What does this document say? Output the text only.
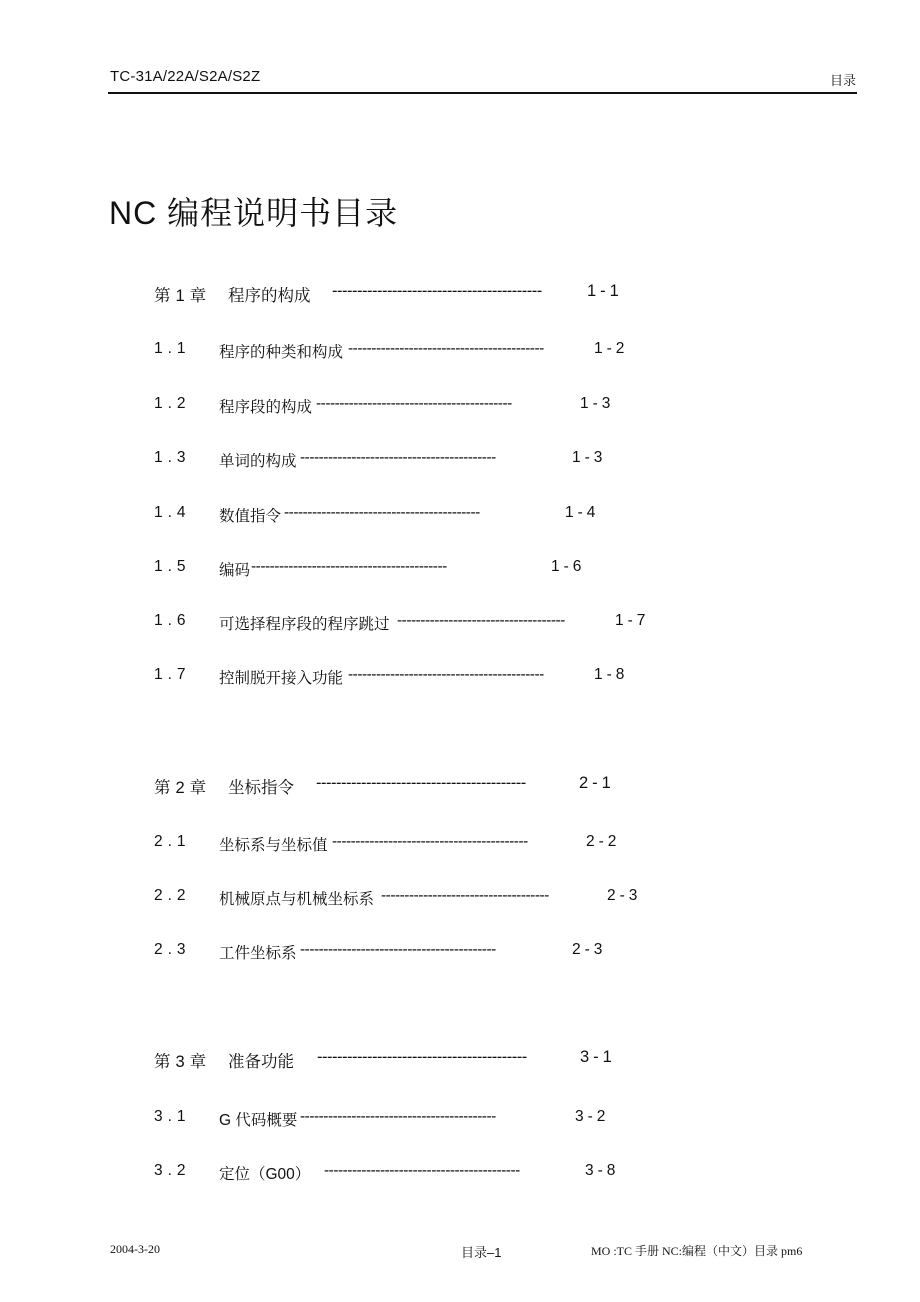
TC-31A/22A/S2A/S2Z	目录
NC 编程说明书目录
第1章 程序的构成 ------------------------------------------	1-1
1.1 程序的种类和构成 ------------------------------------------	1-2
1.2 程序段的构成 ------------------------------------------	1-3
1.3 单词的构成 ------------------------------------------	1-3
1.4 数值指令 ------------------------------------------	1-4
1.5 编码 ------------------------------------------	1-6
1.6 可选择程序段的程序跳过 ------------------------------------	1-7
1.7 控制脱开接入功能 ------------------------------------------	1-8
第2章 坐标指令 ------------------------------------------	2-1
2.1 坐标系与坐标值 ------------------------------------------	2-2
2.2 机械原点与机械坐标系 ------------------------------------	2-3
2.3 工件坐标系 ------------------------------------------	2-3
第3章 准备功能 ------------------------------------------	3-1
3.1 G 代码概要 ------------------------------------------	3-2
3.2 定位（G00） ------------------------------------------	3-8
2004-3-20	目录–1	MO :TC 手册 NC:编程（中文）目录 pm6
